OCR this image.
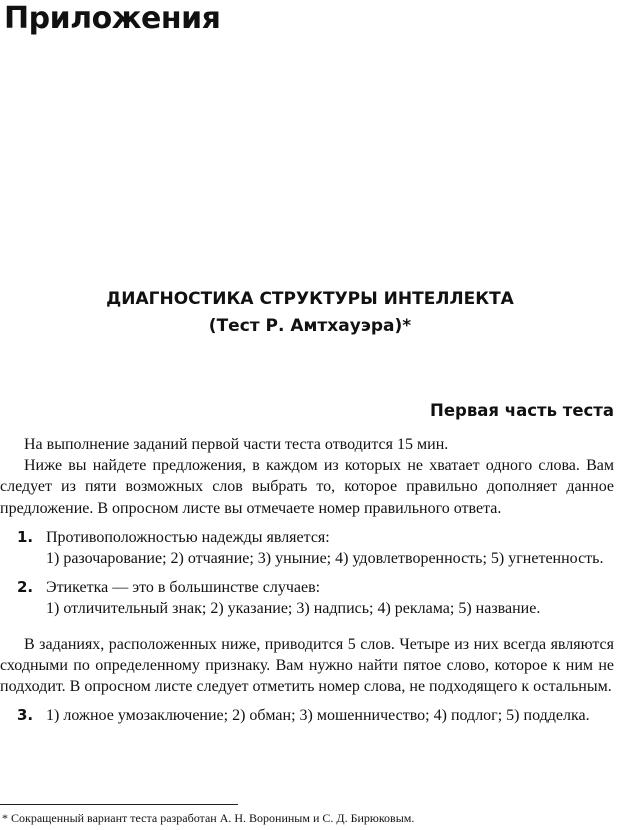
Приложения
ДИАГНОСТИКА СТРУКТУРЫ ИНТЕЛЛЕКТА
(Тест Р. Амтхауэра)*
Первая часть теста

На выполнение заданий первой части теста отводится 15 мин.

Ниже вы найдете предложения, в каждом из которых не хватает одного слова. Вам следует из пяти возможных слов выбрать то, которое правильно дополняет данное предложение. В опросном листе вы отмечаете номер правильного ответа.

1. Противоположностью надежды является:
1) разочарование; 2) отчаяние; 3) уныние; 4) удовлетворенность; 5) угнетенность.
2. Этикетка — это в большинстве случаев:
1) отличительный знак; 2) указание; 3) надпись; 4) реклама; 5) название.

В заданиях, расположенных ниже, приводится 5 слов. Четыре из них всегда являются сходными по определенному признаку. Вам нужно найти пятое слово, которое к ним не подходит. В опросном листе следует отметить номер слова, не подходящего к остальным.

3. 1) ложное умозаключение; 2) обман; 3) мошенничество; 4) подлог; 5) подделка.
* Сокращенный вариант теста разработан А. Н. Ворониным и С. Д. Бирюковым.
